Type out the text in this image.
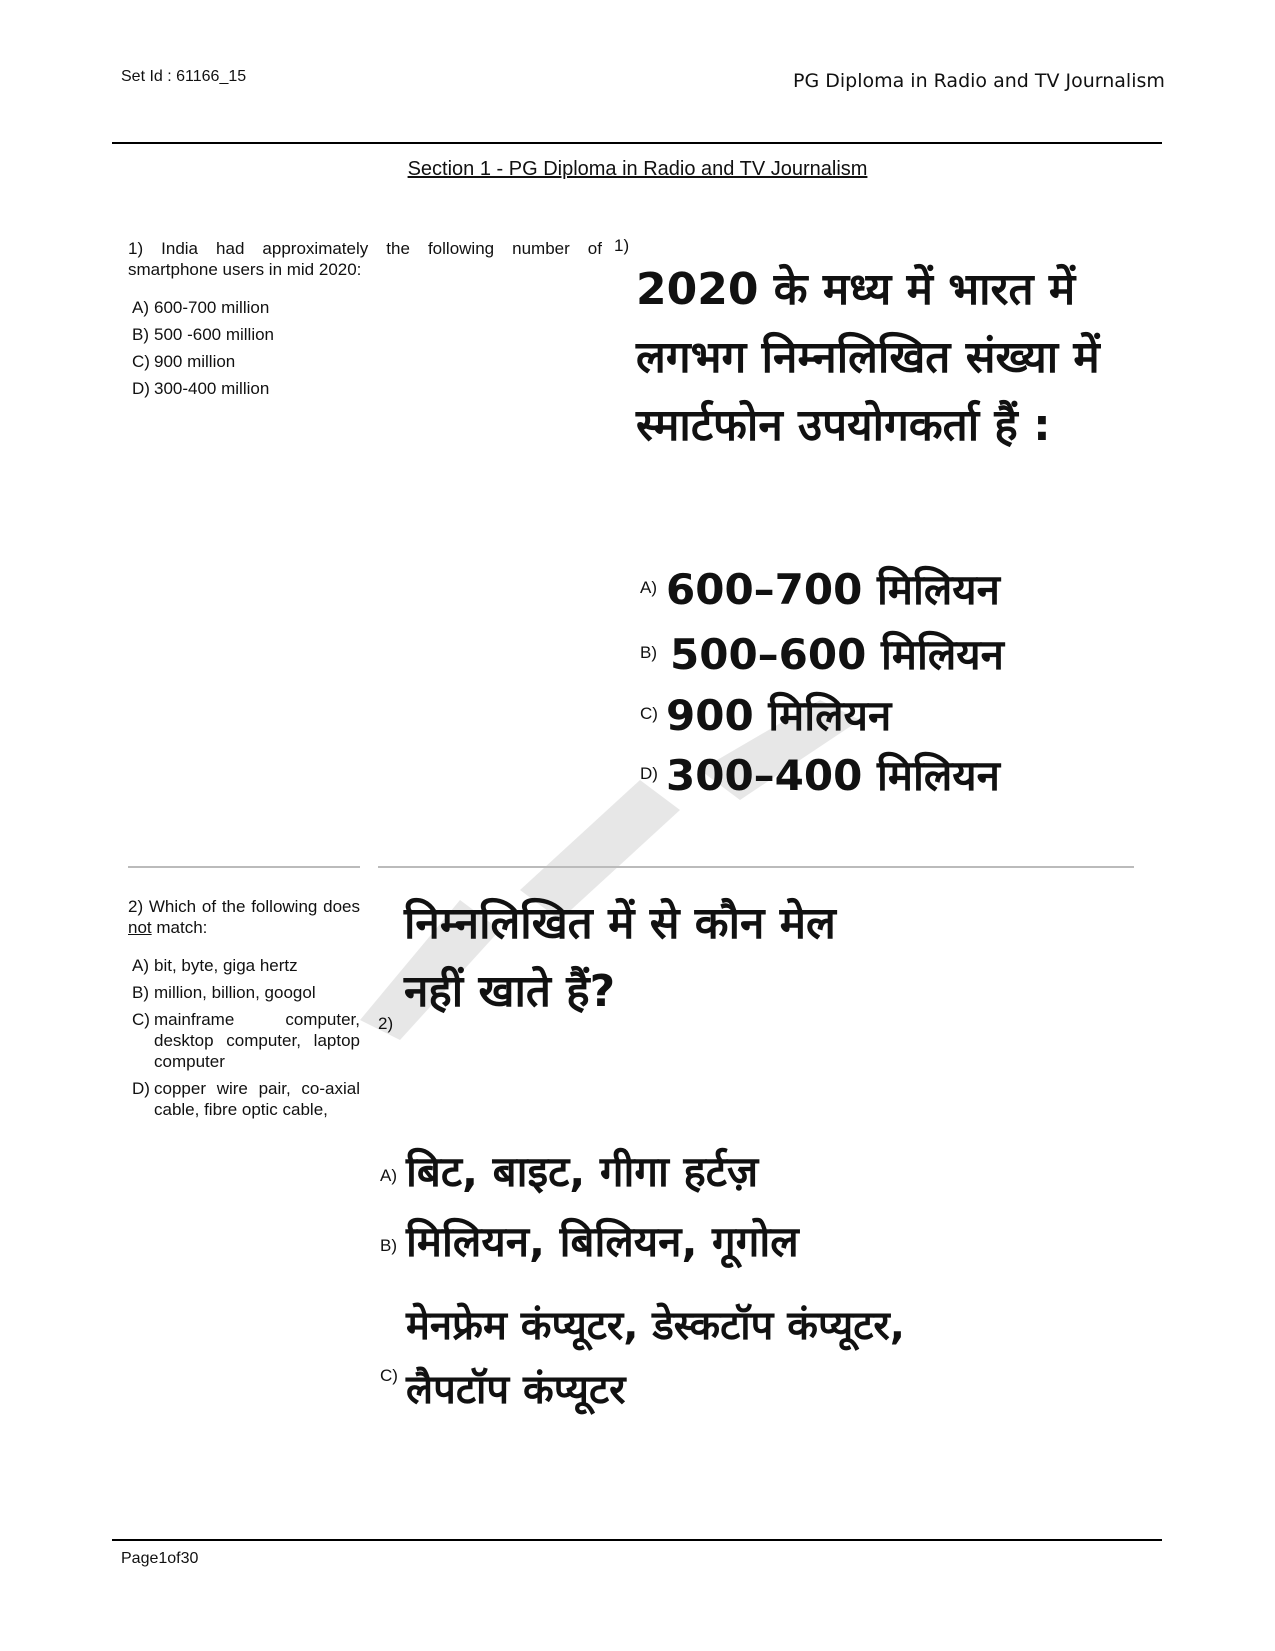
Set Id : 61166_15	PG Diploma in Radio and TV Journalism
Section 1 - PG Diploma in Radio and TV Journalism
1) India had approximately the following number of smartphone users in mid 2020:
A) 600-700 million
B) 500 -600 million
C) 900 million
D) 300-400 million
1)
2020 के मध्य में भारत में लगभग निम्नलिखित संख्या में स्मार्टफोन उपयोगकर्ता हैं :
A) 600–700 मिलियन
B) 500–600 मिलियन
C) 900 मिलियन
D) 300–400 मिलियन
2) Which of the following does not match:
A) bit, byte, giga hertz
B) million, billion, googol
C) mainframe computer, desktop computer, laptop computer
D) copper wire pair, co-axial cable, fibre optic cable,
2)
निम्नलिखित में से कौन मेल नहीं खाते हैं?
A) बिट, बाइट, गीगा हर्टज़
B) मिलियन, बिलियन, गूगोल
C)
मेनफ्रेम कंप्यूटर, डेस्कटॉप कंप्यूटर,
लैपटॉप कंप्यूटर
Page1of30
